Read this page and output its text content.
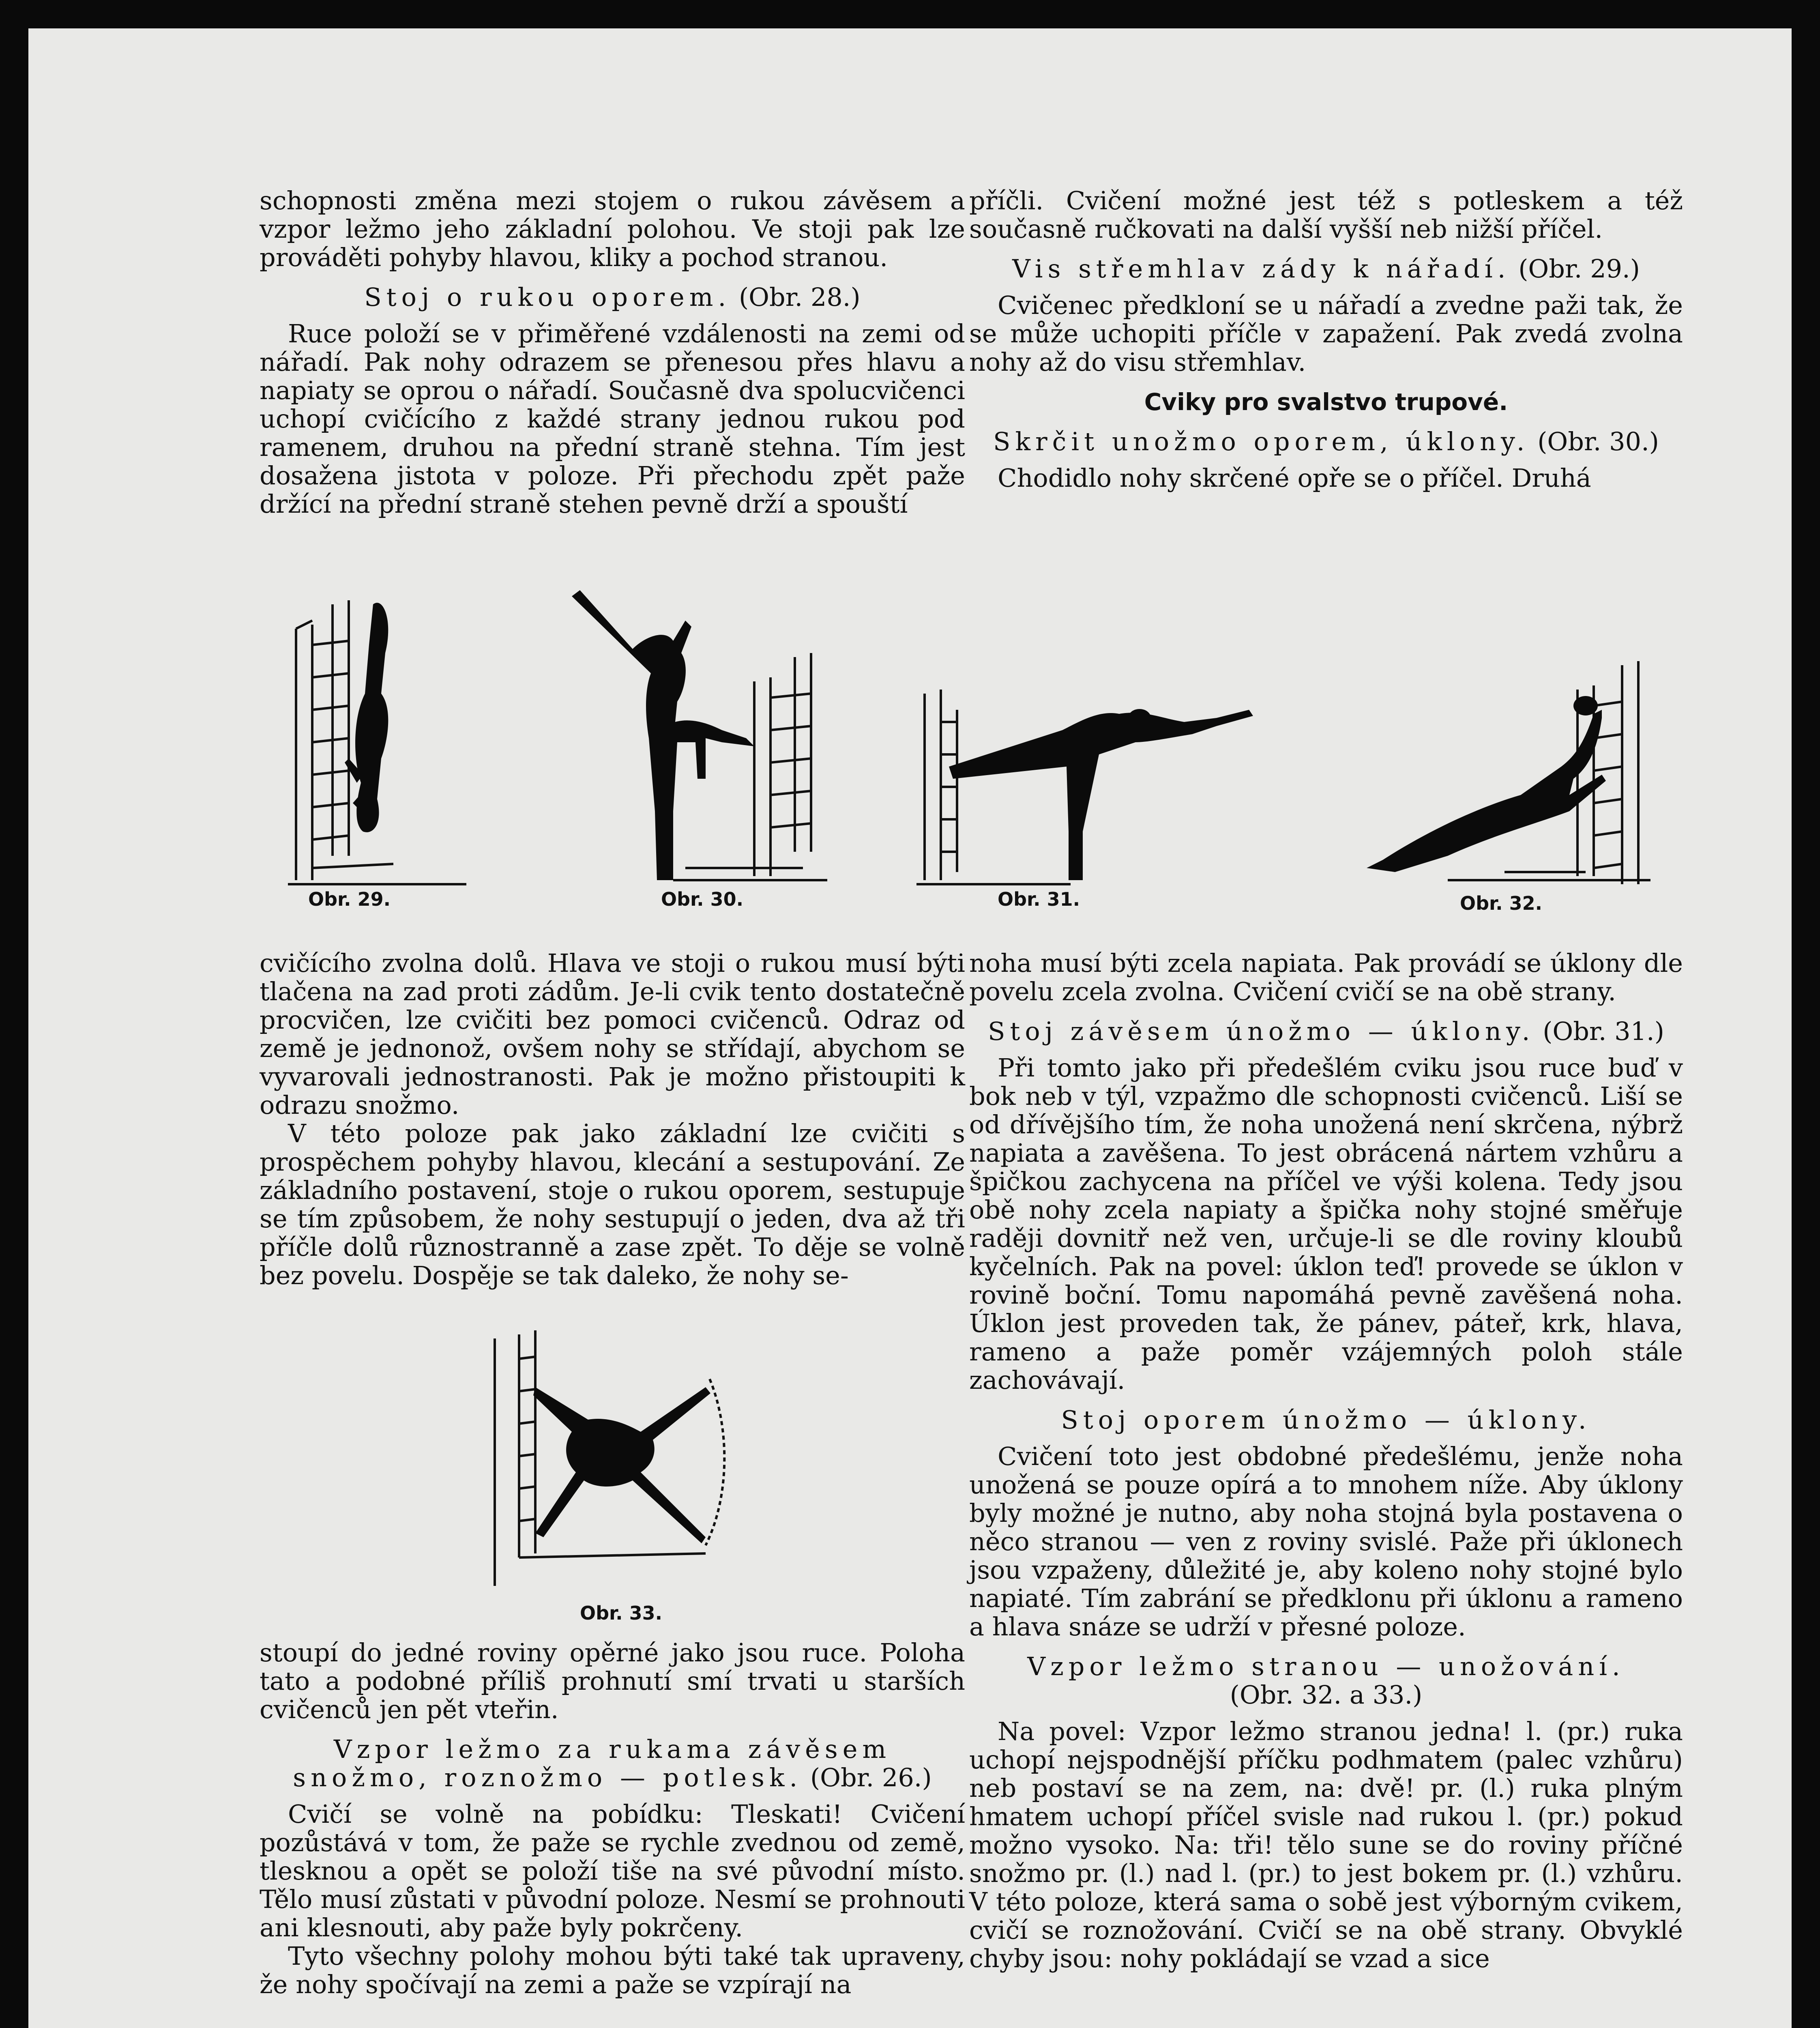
schopnosti změna mezi stojem o rukou závěsem a vzpor ležmo jeho základní polohou. Ve stoji pak lze prováděti pohyby hlavou, kliky a pochod stranou.

Stoj o rukou oporem. (Obr. 28.)

Ruce položí se v přiměřené vzdálenosti na zemi od nářadí. Pak nohy odrazem se přenesou přes hlavu a napiaty se oprou o nářadí. Současně dva spolucvičenci uchopí cvičícího z každé strany jednou rukou pod ramenem, druhou na přední straně stehna. Tím jest dosažena jistota v poloze. Při přechodu zpět paže držící na přední straně stehen pevně drží a spouští

příčli. Cvičení možné jest též s potleskem a též současně ručkovati na další vyšší neb nižší příčel.

Vis střemhlav zády k nářadí. (Obr. 29.)

Cvičenec předkloní se u nářadí a zvedne paži tak, že se může uchopiti příčle v zapažení. Pak zvedá zvolna nohy až do visu střemhlav.

Cviky pro svalstvo trupové.

Skrčit unožmo oporem, úklony. (Obr. 30.)

Chodidlo nohy skrčené opře se o příčel. Druhá

Obr. 29.	Obr. 30.	Obr. 31.	Obr. 32.

cvičícího zvolna dolů. Hlava ve stoji o rukou musí býti tlačena na zad proti zádům. Je-li cvik tento dostatečně procvičen, lze cvičiti bez pomoci cvičenců. Odraz od země je jednonož, ovšem nohy se střídají, abychom se vyvarovali jednostranosti. Pak je možno přistoupiti k odrazu snožmo.

V této poloze pak jako základní lze cvičiti s prospěchem pohyby hlavou, klecání a sestupování. Ze základního postavení, stoje o rukou oporem, sestupuje se tím způsobem, že nohy sestupují o jeden, dva až tři příčle dolů různostranně a zase zpět. To děje se volně bez povelu. Dospěje se tak daleko, že nohy se-

Obr. 33.

stoupí do jedné roviny opěrné jako jsou ruce. Poloha tato a podobné příliš prohnutí smí trvati u starších cvičenců jen pět vteřin.

Vzpor ležmo za rukama závěsem snožmo, roznožmo — potlesk. (Obr. 26.)

Cvičí se volně na pobídku: Tleskati! Cvičení pozůstává v tom, že paže se rychle zvednou od země, tlesknou a opět se položí tiše na své původní místo. Tělo musí zůstati v původní poloze. Nesmí se prohnouti ani klesnouti, aby paže byly pokrčeny.

Tyto všechny polohy mohou býti také tak upraveny, že nohy spočívají na zemi a paže se vzpírají na

noha musí býti zcela napiata. Pak provádí se úklony dle povelu zcela zvolna. Cvičení cvičí se na obě strany.

Stoj závěsem únožmo — úklony. (Obr. 31.)

Při tomto jako při předešlém cviku jsou ruce buď v bok neb v týl, vzpažmo dle schopnosti cvičenců. Liší se od dřívějšího tím, že noha unožená není skrčena, nýbrž napiata a zavěšena. To jest obrácená nártem vzhůru a špičkou zachycena na příčel ve výši kolena. Tedy jsou obě nohy zcela napiaty a špička nohy stojné směřuje raději dovnitř než ven, určuje-li se dle roviny kloubů kyčelních. Pak na povel: úklon teď! provede se úklon v rovině boční. Tomu napomáhá pevně zavěšená noha. Úklon jest proveden tak, že pánev, páteř, krk, hlava, rameno a paže poměr vzájemných poloh stále zachovávají.

Stoj oporem únožmo — úklony.

Cvičení toto jest obdobné předešlému, jenže noha unožená se pouze opírá a to mnohem níže. Aby úklony byly možné je nutno, aby noha stojná byla postavena o něco stranou — ven z roviny svislé. Paže při úklonech jsou vzpaženy, důležité je, aby koleno nohy stojné bylo napiaté. Tím zabrání se předklonu při úklonu a rameno a hlava snáze se udrží v přesné poloze.

Vzpor ležmo stranou — unožování.
(Obr. 32. a 33.)

Na povel: Vzpor ležmo stranou jedna! l. (pr.) ruka uchopí nejspodnější příčku podhmatem (palec vzhůru) neb postaví se na zem, na: dvě! pr. (l.) ruka plným hmatem uchopí příčel svisle nad rukou l. (pr.) pokud možno vysoko. Na: tři! tělo sune se do roviny příčné snožmo pr. (l.) nad l. (pr.) to jest bokem pr. (l.) vzhůru. V této poloze, která sama o sobě jest výborným cvikem, cvičí se roznožování. Cvičí se na obě strany. Obvyklé chyby jsou: nohy pokládají se vzad a sice
